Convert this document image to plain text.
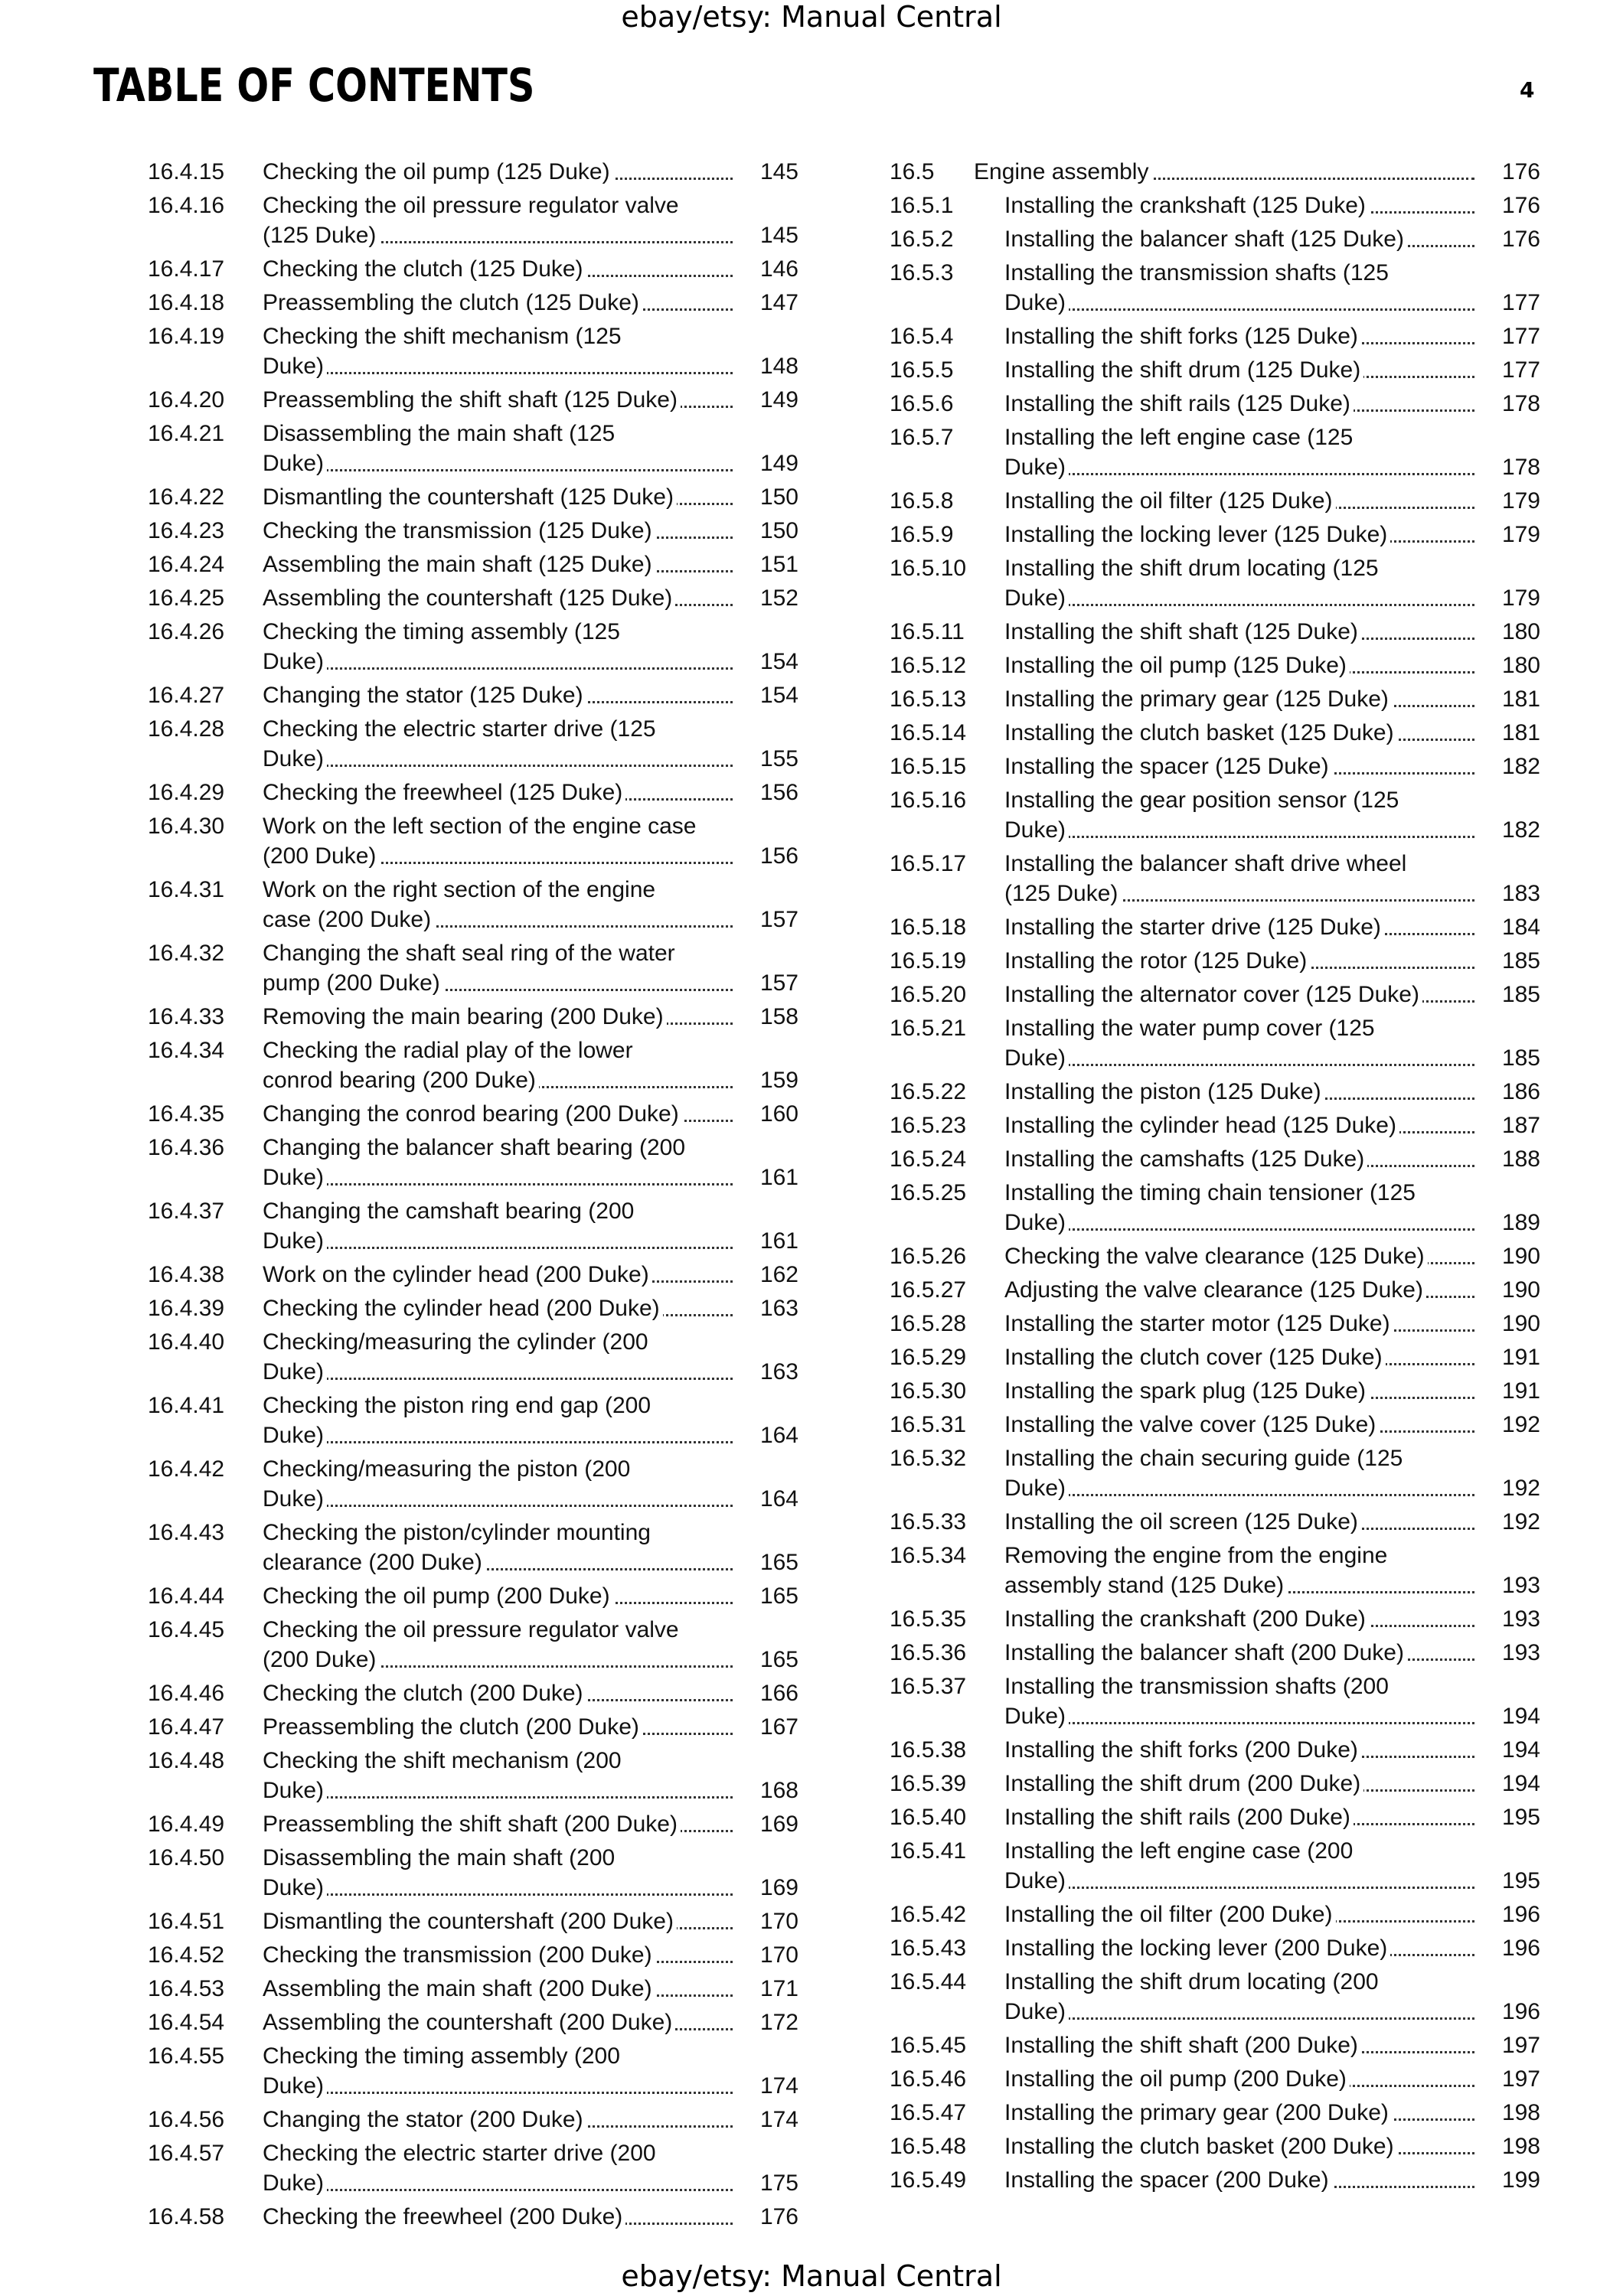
ebay/etsy: Manual Central
TABLE OF CONTENTS	4
16.4.15 Checking the oil pump (125 Duke)	145
16.4.16 Checking the oil pressure regulator valve
(125 Duke)	145
16.4.17 Checking the clutch (125 Duke)	146
16.4.18 Preassembling the clutch (125 Duke)	147
16.4.19 Checking the shift mechanism (125
Duke)	148
16.4.20 Preassembling the shift shaft (125 Duke)	149
16.4.21 Disassembling the main shaft (125
Duke)	149
16.4.22 Dismantling the countershaft (125 Duke)	150
16.4.23 Checking the transmission (125 Duke)	150
16.4.24 Assembling the main shaft (125 Duke)	151
16.4.25 Assembling the countershaft (125 Duke)	152
16.4.26 Checking the timing assembly (125
Duke)	154
16.4.27 Changing the stator (125 Duke)	154
16.4.28 Checking the electric starter drive (125
Duke)	155
16.4.29 Checking the freewheel (125 Duke)	156
16.4.30 Work on the left section of the engine case
(200 Duke)	156
16.4.31 Work on the right section of the engine
case (200 Duke)	157
16.4.32 Changing the shaft seal ring of the water
pump (200 Duke)	157
16.4.33 Removing the main bearing (200 Duke)	158
16.4.34 Checking the radial play of the lower
conrod bearing (200 Duke)	159
16.4.35 Changing the conrod bearing (200 Duke)	160
16.4.36 Changing the balancer shaft bearing (200
Duke)	161
16.4.37 Changing the camshaft bearing (200
Duke)	161
16.4.38 Work on the cylinder head (200 Duke)	162
16.4.39 Checking the cylinder head (200 Duke)	163
16.4.40 Checking/measuring the cylinder (200
Duke)	163
16.4.41 Checking the piston ring end gap (200
Duke)	164
16.4.42 Checking/measuring the piston (200
Duke)	164
16.4.43 Checking the piston/cylinder mounting
clearance (200 Duke)	165
16.4.44 Checking the oil pump (200 Duke)	165
16.4.45 Checking the oil pressure regulator valve
(200 Duke)	165
16.4.46 Checking the clutch (200 Duke)	166
16.4.47 Preassembling the clutch (200 Duke)	167
16.4.48 Checking the shift mechanism (200
Duke)	168
16.4.49 Preassembling the shift shaft (200 Duke)	169
16.4.50 Disassembling the main shaft (200
Duke)	169
16.4.51 Dismantling the countershaft (200 Duke)	170
16.4.52 Checking the transmission (200 Duke)	170
16.4.53 Assembling the main shaft (200 Duke)	171
16.4.54 Assembling the countershaft (200 Duke)	172
16.4.55 Checking the timing assembly (200
Duke)	174
16.4.56 Changing the stator (200 Duke)	174
16.4.57 Checking the electric starter drive (200
Duke)	175
16.4.58 Checking the freewheel (200 Duke)	176
16.5 Engine assembly	176
16.5.1 Installing the crankshaft (125 Duke)	176
16.5.2 Installing the balancer shaft (125 Duke)	176
16.5.3 Installing the transmission shafts (125
Duke)	177
16.5.4 Installing the shift forks (125 Duke)	177
16.5.5 Installing the shift drum (125 Duke)	177
16.5.6 Installing the shift rails (125 Duke)	178
16.5.7 Installing the left engine case (125
Duke)	178
16.5.8 Installing the oil filter (125 Duke)	179
16.5.9 Installing the locking lever (125 Duke)	179
16.5.10 Installing the shift drum locating (125
Duke)	179
16.5.11 Installing the shift shaft (125 Duke)	180
16.5.12 Installing the oil pump (125 Duke)	180
16.5.13 Installing the primary gear (125 Duke)	181
16.5.14 Installing the clutch basket (125 Duke)	181
16.5.15 Installing the spacer (125 Duke)	182
16.5.16 Installing the gear position sensor (125
Duke)	182
16.5.17 Installing the balancer shaft drive wheel
(125 Duke)	183
16.5.18 Installing the starter drive (125 Duke)	184
16.5.19 Installing the rotor (125 Duke)	185
16.5.20 Installing the alternator cover (125 Duke)	185
16.5.21 Installing the water pump cover (125
Duke)	185
16.5.22 Installing the piston (125 Duke)	186
16.5.23 Installing the cylinder head (125 Duke)	187
16.5.24 Installing the camshafts (125 Duke)	188
16.5.25 Installing the timing chain tensioner (125
Duke)	189
16.5.26 Checking the valve clearance (125 Duke)	190
16.5.27 Adjusting the valve clearance (125 Duke)	190
16.5.28 Installing the starter motor (125 Duke)	190
16.5.29 Installing the clutch cover (125 Duke)	191
16.5.30 Installing the spark plug (125 Duke)	191
16.5.31 Installing the valve cover (125 Duke)	192
16.5.32 Installing the chain securing guide (125
Duke)	192
16.5.33 Installing the oil screen (125 Duke)	192
16.5.34 Removing the engine from the engine
assembly stand (125 Duke)	193
16.5.35 Installing the crankshaft (200 Duke)	193
16.5.36 Installing the balancer shaft (200 Duke)	193
16.5.37 Installing the transmission shafts (200
Duke)	194
16.5.38 Installing the shift forks (200 Duke)	194
16.5.39 Installing the shift drum (200 Duke)	194
16.5.40 Installing the shift rails (200 Duke)	195
16.5.41 Installing the left engine case (200
Duke)	195
16.5.42 Installing the oil filter (200 Duke)	196
16.5.43 Installing the locking lever (200 Duke)	196
16.5.44 Installing the shift drum locating (200
Duke)	196
16.5.45 Installing the shift shaft (200 Duke)	197
16.5.46 Installing the oil pump (200 Duke)	197
16.5.47 Installing the primary gear (200 Duke)	198
16.5.48 Installing the clutch basket (200 Duke)	198
16.5.49 Installing the spacer (200 Duke)	199
ebay/etsy: Manual Central
